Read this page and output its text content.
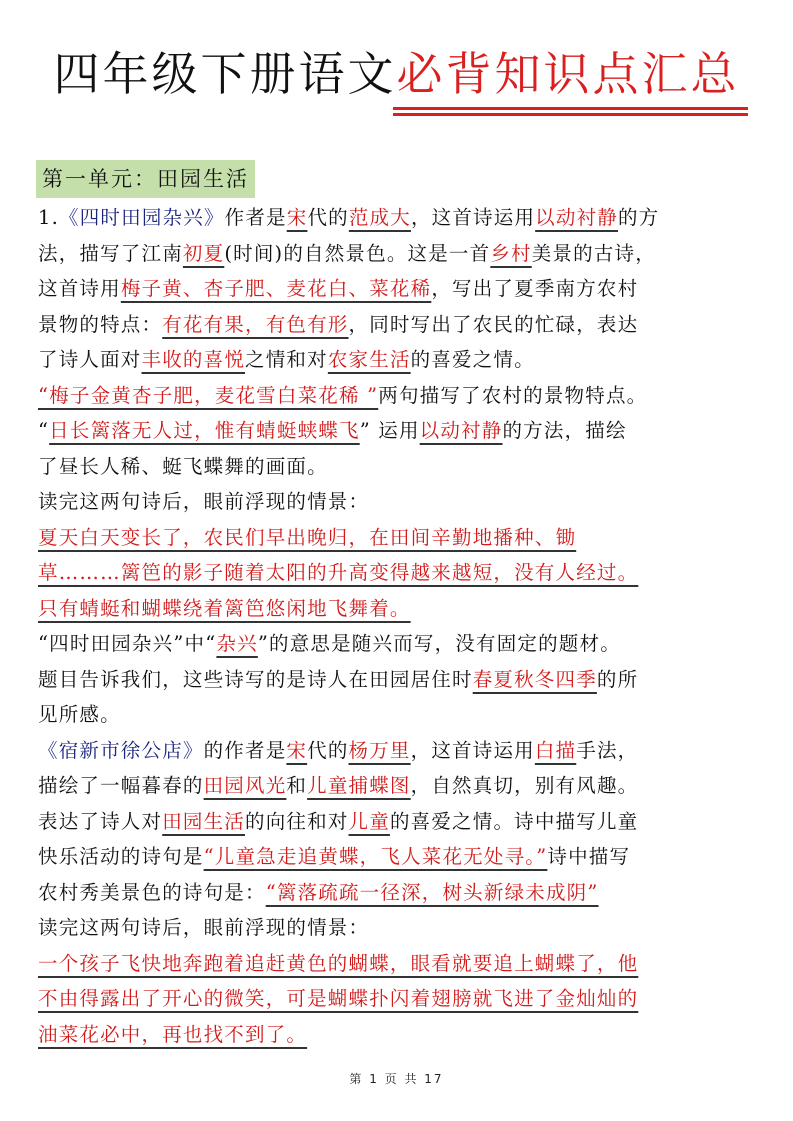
四年级下册语文必背知识点汇总
第一单元：田园生活
1.《四时田园杂兴》作者是宋代的范成大，这首诗运用以动衬静的方
法，描写了江南初夏(时间)的自然景色。这是一首乡村美景的古诗，
这首诗用梅子黄、杏子肥、麦花白、菜花稀，写出了夏季南方农村
景物的特点：有花有果，有色有形，同时写出了农民的忙碌，表达
了诗人面对丰收的喜悦之情和对农家生活的喜爱之情。
“梅子金黄杏子肥，麦花雪白菜花稀 ”两句描写了农村的景物特点。
“日长篱落无人过，惟有蜻蜓蛱蝶飞” 运用以动衬静的方法，描绘
了昼长人稀、蜓飞蝶舞的画面。
读完这两句诗后，眼前浮现的情景：
夏天白天变长了，农民们早出晚归，在田间辛勤地播种、锄
草………篱笆的影子随着太阳的升高变得越来越短，没有人经过。
只有蜻蜓和蝴蝶绕着篱笆悠闲地飞舞着。
“四时田园杂兴”中“杂兴”的意思是随兴而写，没有固定的题材。
题目告诉我们，这些诗写的是诗人在田园居住时春夏秋冬四季的所
见所感。
《宿新市徐公店》的作者是宋代的杨万里，这首诗运用白描手法，
描绘了一幅暮春的田园风光和儿童捕蝶图，自然真切，别有风趣。
表达了诗人对田园生活的向往和对儿童的喜爱之情。诗中描写儿童
快乐活动的诗句是“儿童急走追黄蝶，飞人菜花无处寻。”诗中描写
农村秀美景色的诗句是：“篱落疏疏一径深，树头新绿未成阴”
读完这两句诗后，眼前浮现的情景：
一个孩子飞快地奔跑着追赶黄色的蝴蝶，眼看就要追上蝴蝶了，他
不由得露出了开心的微笑，可是蝴蝶扑闪着翅膀就飞进了金灿灿的
油菜花必中，再也找不到了。
第 1 页 共 17
